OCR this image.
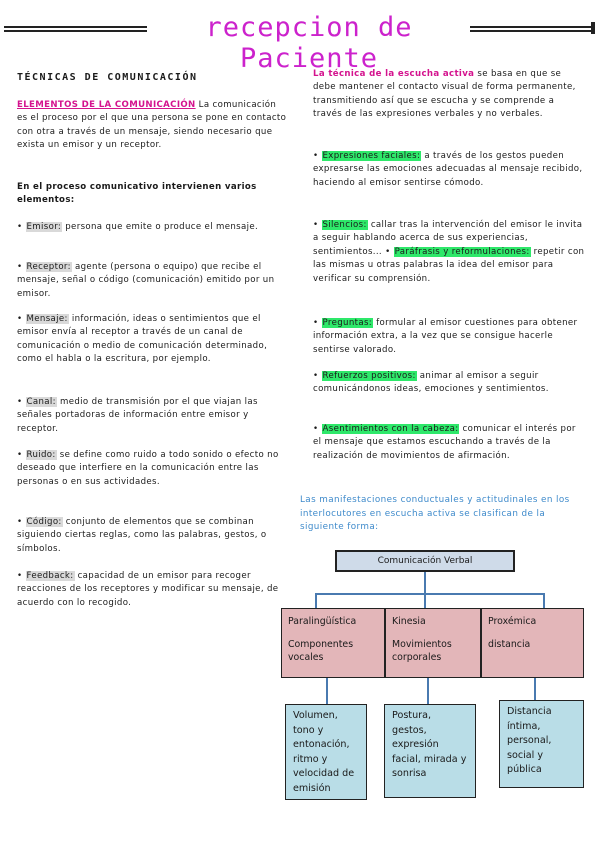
recepcion de Paciente
TÉCNICAS DE COMUNICACIÓN
ELEMENTOS DE LA COMUNICACIÓN La comunicación es el proceso por el que una persona se pone en contacto con otra a través de un mensaje, siendo necesario que exista un emisor y un receptor.
En el proceso comunicativo intervienen varios elementos:
• Emisor: persona que emite o produce el mensaje.
• Receptor: agente (persona o equipo) que recibe el mensaje, señal o código (comunicación) emitido por un emisor.
• Mensaje: información, ideas o sentimientos que el emisor envía al receptor a través de un canal de comunicación o medio de comunicación determinado, como el habla o la escritura, por ejemplo.
• Canal: medio de transmisión por el que viajan las señales portadoras de información entre emisor y receptor.
• Ruido: se define como ruido a todo sonido o efecto no deseado que interfiere en la comunicación entre las personas o en sus actividades.
• Código: conjunto de elementos que se combinan siguiendo ciertas reglas, como las palabras, gestos, o símbolos.
• Feedback: capacidad de un emisor para recoger reacciones de los receptores y modificar su mensaje, de acuerdo con lo recogido.
La técnica de la escucha activa se basa en que se debe mantener el contacto visual de forma permanente, transmitiendo así que se escucha y se comprende a través de las expresiones verbales y no verbales.
• Expresiones faciales: a través de los gestos pueden expresarse las emociones adecuadas al mensaje recibido, haciendo al emisor sentirse cómodo.
• Silencios: callar tras la intervención del emisor le invita a seguir hablando acerca de sus experiencias, sentimientos... • Paráfrasis y reformulaciones: repetir con las mismas u otras palabras la idea del emisor para verificar su comprensión.
• Preguntas: formular al emisor cuestiones para obtener información extra, a la vez que se consigue hacerle sentirse valorado.
• Refuerzos positivos: animar al emisor a seguir comunicándonos ideas, emociones y sentimientos.
• Asentimientos con la cabeza: comunicar el interés por el mensaje que estamos escuchando a través de la realización de movimientos de afirmación.
Las manifestaciones conductuales y actitudinales en los interlocutores en escucha activa se clasifican de la siguiente forma:
Comunicación Verbal
Paralingüística
Componentes vocales
Kinesia
Movimientos corporales
Proxémica
distancia
Volumen, tono y entonación, ritmo y velocidad de emisión
Postura, gestos, expresión facial, mirada y sonrisa
Distancia íntima, personal, social y pública
